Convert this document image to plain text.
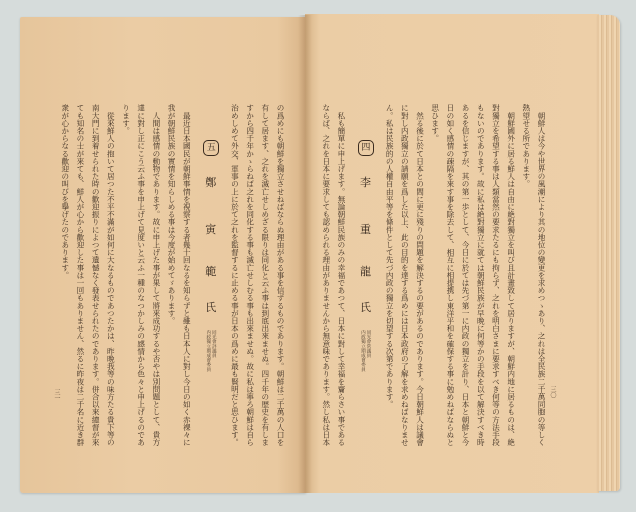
　朝鮮人は今や世界の風潮により其の地位の變更を求めつゝあり、之れは全民族二千萬同胞の等しく
熱望せる所であります。
　朝鮮國外に居る鮮人は自由に絶對獨立を叫び且計畫致して居りますが、朝鮮内地に居るものは、絶
對獨立を希望する事は人類當然の要求たるにも拘らず、之れを明白さまに要求すべき何等の方法手段
もないのであります。故に私は絶對獨立に就ては朝鮮民族が早晩に何等かの手段を以て解決すべき時
あるを信じますが、其の第一歩として、今日に於ては先づ第一に内政の獨立を計り、日本と朝鮮と今
日の如く感情の疎隔を來す事を除去して、相互に相提携し東洋平和を確保する事に勉めねばならぬと
思ひます。
　然る後に於て日本との間に更に殘りの問題を解決するの要があるのであります。今日朝鮮人は議會
に對し内政獨立の請願を爲した以上、此の目的を達する爲めには日本政府の了解を求めねばなりませ
ん。私は民族的の人權自由平等を條件として先づ内政の獨立を切望する次第であります。
四
李
重
龍
氏
同光會常議員
内政獨立期成會委員
　私も簡單に申上げます。無論朝鮮民族のみの幸福であつて、日本に對して幸福を齎らさい事である
ならば、之れを日本に要求しても認められる理由がありませんから無意味であります。然し私は日本	三〇
の爲めにも朝鮮を獨立させねばならぬ理由がある事を信ずるものであります。朝鮮は二千萬の人口を
有して居ます、之れを滅亡せしめざる限りは同化と云ふ事は到底出來ませぬ。四千年の歴史を有しま
すから四千年かゝらねば之れを同化する事も滅亡せしむる事も出來ませぬ。故に私は寧ろ朝鮮は自ら
治めしめて外交、軍事の上に於て之れを監督するに止める事が日本の爲めに最も賢明だと思ひます。
五
鄭
寅
範
氏
同光會評議員
内政獨立期成會委員
　最近日本國民が朝鮮事情を視察する者幾十回なるを知らずと雖も日本人に對し今日の如く赤裸々に
我が朝鮮民族の實情を知らしめる事は今度が始めてゞあります。
　人間は感情の動物であります。故に申上げた事が果して將來成功するや否やは別問題として、貴方
達に對し正にこう云ふ事を申上げて見度いと云ふ一種のなつかしみの感情から色々と申上げるのであ
ります。
　從來鮮人の抱いて居つた不平不滿が如何に大なるものであつたかは、昨晩我等の味方たる貴下等の
南大門に到着せられた時の歡迎振りによつて遺憾なく發表せられたのであります。併合以來總督が來
ても知名の士が來ても、鮮人が心から歡迎した事は一回もありません、然るに昨夜は二千名に近き群
衆が心からなる歡迎の叫びを擧げたのであります。
三一
